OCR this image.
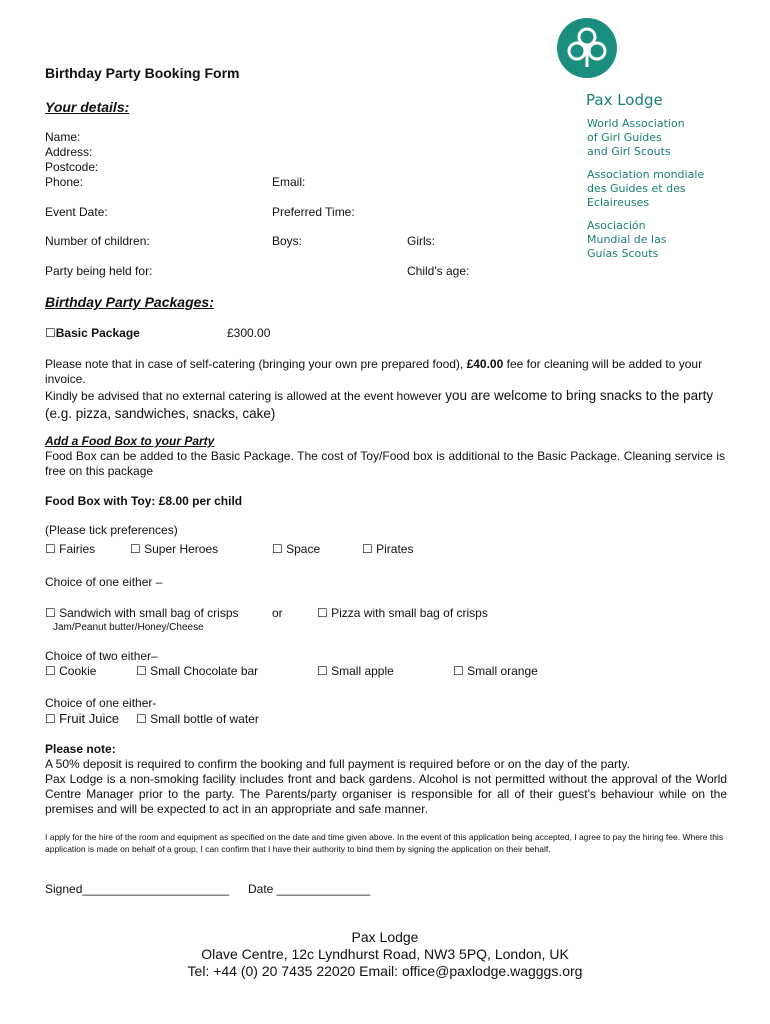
Pax Lodge
World Association
of Girl Guides
and Girl Scouts
Association mondiale
des Guides et des
Eclaireuses
Asociación
Mundial de las
Guías Scouts
Birthday Party Booking Form
Your details:
Name:
Address:
Postcode:
Phone:	Email:
Event Date:	Preferred Time:
Number of children:	Boys:	Girls:
Party being held for:	Child's age:
Birthday Party Packages:
☐Basic Package	£300.00
Please note that in case of self-catering (bringing your own pre prepared food), £40.00 fee for cleaning will be added to your invoice.
Kindly be advised that no external catering is allowed at the event however you are welcome to bring snacks to the party (e.g. pizza, sandwiches, snacks, cake)
Add a Food Box to your Party
Food Box can be added to the Basic Package. The cost of Toy/Food box is additional to the Basic Package. Cleaning service is free on this package
Food Box with Toy: £8.00 per child
(Please tick preferences)
☐ Fairies	☐ Super Heroes	☐ Space	☐ Pirates
Choice of one either –
☐ Sandwich with small bag of crisps	or	☐ Pizza with small bag of crisps
Jam/Peanut butter/Honey/Cheese
Choice of two either–
☐ Cookie	☐ Small Chocolate bar	☐ Small apple	☐ Small orange
Choice of one either-
☐ Fruit Juice ☐ Small bottle of water
Please note:
A 50% deposit is required to confirm the booking and full payment is required before or on the day of the party.
Pax Lodge is a non-smoking facility includes front and back gardens. Alcohol is not permitted without the approval of the World Centre Manager prior to the party. The Parents/party organiser is responsible for all of their guest's behaviour while on the premises and will be expected to act in an appropriate and safe manner.
I apply for the hire of the room and equipment as specified on the date and time given above. In the event of this application being accepted, I agree to pay the hiring fee. Where this application is made on behalf of a group, I can confirm that I have their authority to bind them by signing the application on their behalf.
Signed______________________ Date ______________
Pax Lodge
Olave Centre, 12c Lyndhurst Road, NW3 5PQ, London, UK
Tel: +44 (0) 20 7435 22020 Email: office@paxlodge.wagggs.org
